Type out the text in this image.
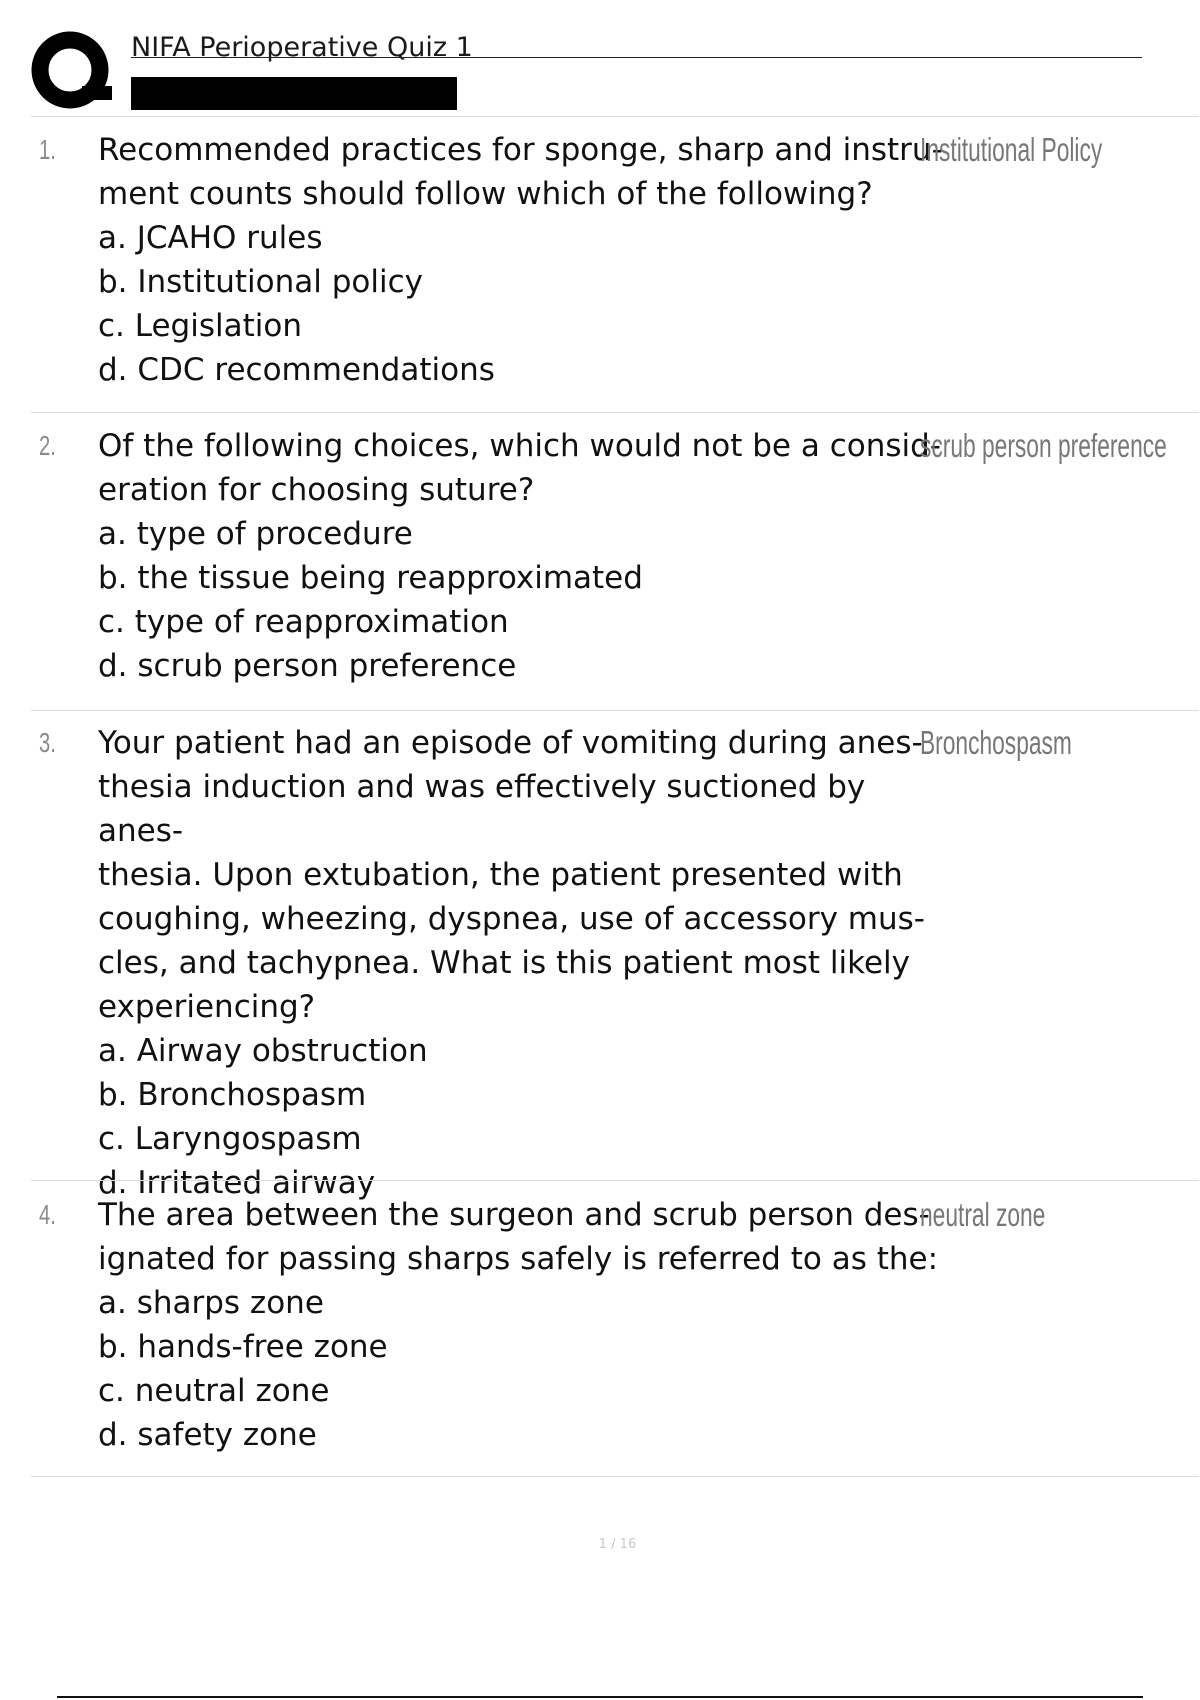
NIFA Perioperative Quiz 1
1. Recommended practices for sponge, sharp and instru-
ment counts should follow which of the following?
a. JCAHO rules
b. Institutional policy
c. Legislation
d. CDC recommendations
Institutional Policy
2. Of the following choices, which would not be a consid-
eration for choosing suture?
a. type of procedure
b. the tissue being reapproximated
c. type of reapproximation
d. scrub person preference
scrub person preference
3. Your patient had an episode of vomiting during anes-
thesia induction and was effectively suctioned by anes-
thesia. Upon extubation, the patient presented with
coughing, wheezing, dyspnea, use of accessory mus-
cles, and tachypnea. What is this patient most likely
experiencing?
a. Airway obstruction
b. Bronchospasm
c. Laryngospasm
d. Irritated airway
Bronchospasm
4. The area between the surgeon and scrub person des-
ignated for passing sharps safely is referred to as the:
a. sharps zone
b. hands-free zone
c. neutral zone
d. safety zone
neutral zone
1 / 16
